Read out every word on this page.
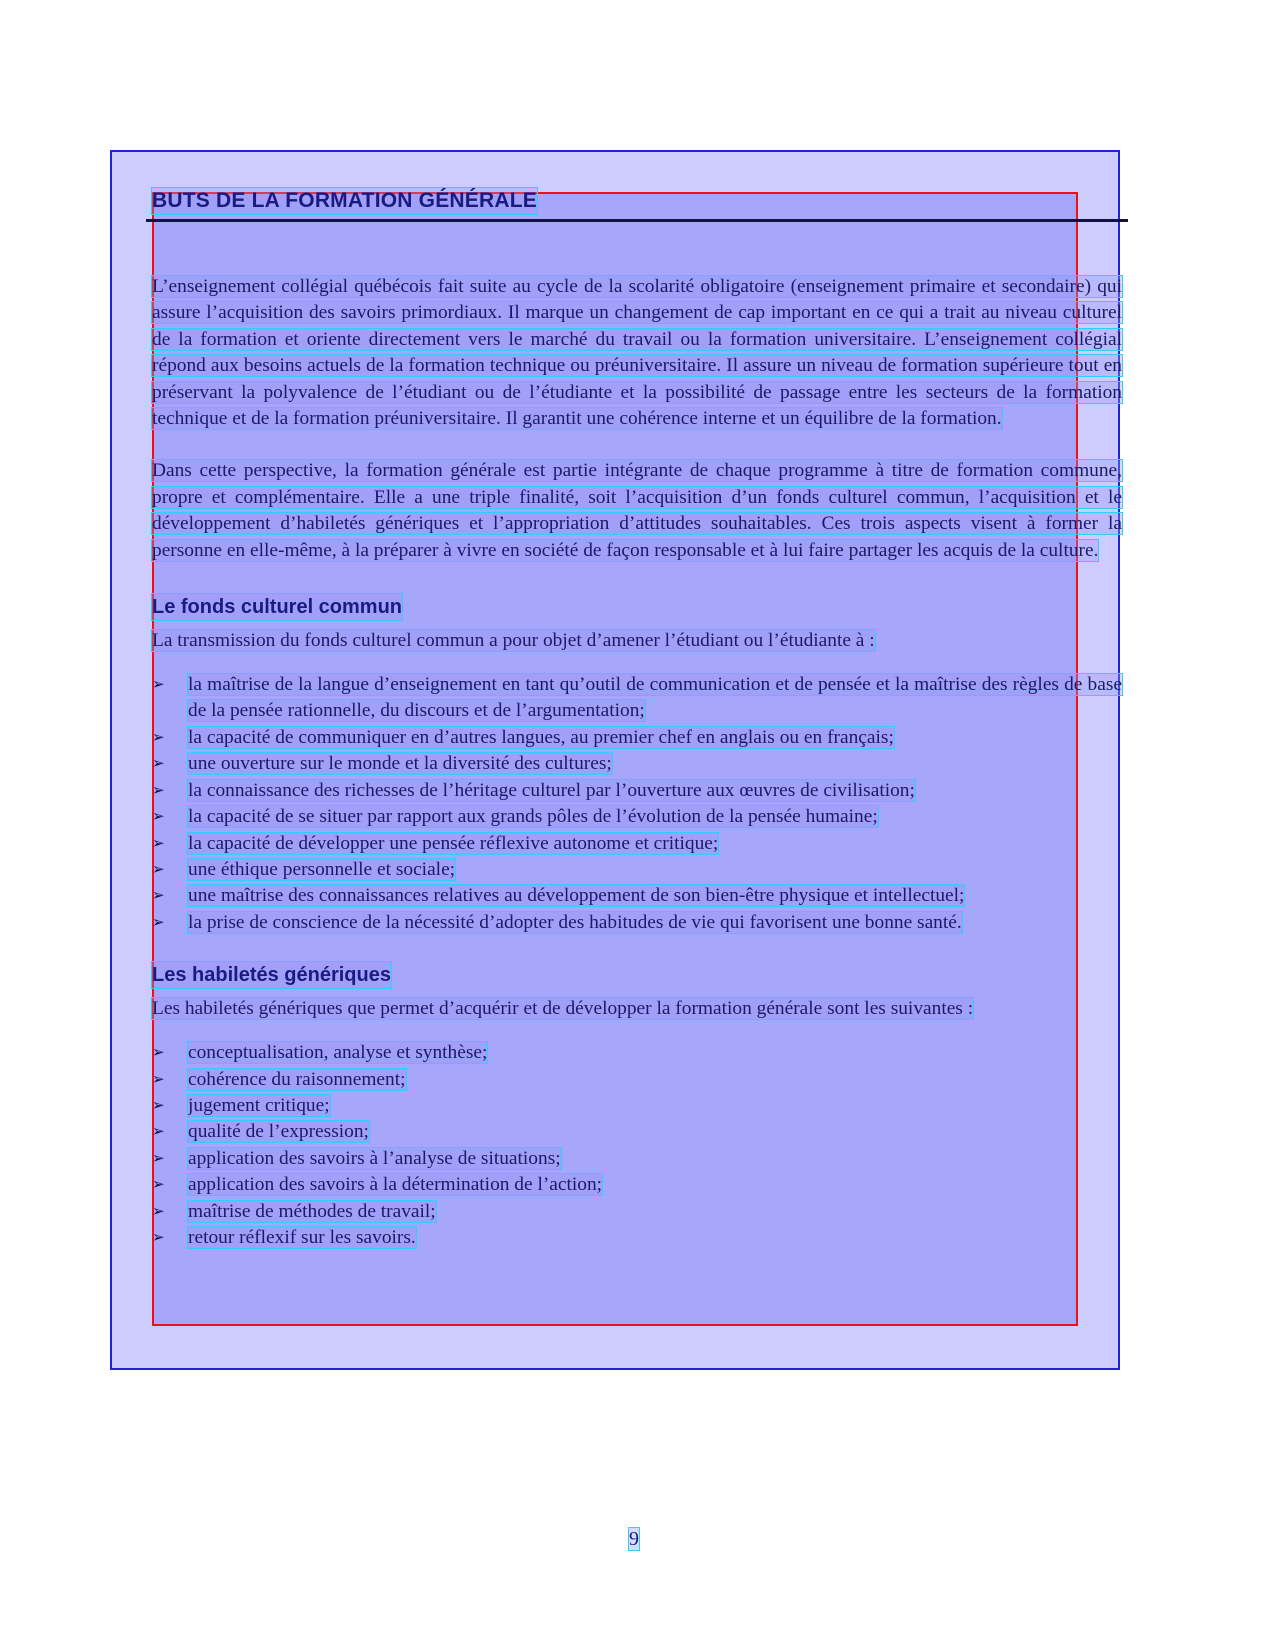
BUTS DE LA FORMATION GÉNÉRALE

L’enseignement collégial québécois fait suite au cycle de la scolarité obligatoire (enseignement primaire et secondaire) qui assure l’acquisition des savoirs primordiaux. Il marque un changement de cap important en ce qui a trait au niveau culturel de la formation et oriente directement vers le marché du travail ou la formation universitaire. L’enseignement collégial répond aux besoins actuels de la formation technique ou préuniversitaire. Il assure un niveau de formation supérieure tout en préservant la polyvalence de l’étudiant ou de l’étudiante et la possibilité de passage entre les secteurs de la formation technique et de la formation préuniversitaire. Il garantit une cohérence interne et un équilibre de la formation.

Dans cette perspective, la formation générale est partie intégrante de chaque programme à titre de formation commune, propre et complémentaire. Elle a une triple finalité, soit l’acquisition d’un fonds culturel commun, l’acquisition et le développement d’habiletés génériques et l’appropriation d’attitudes souhaitables. Ces trois aspects visent à former la personne en elle-même, à la préparer à vivre en société de façon responsable et à lui faire partager les acquis de la culture.

Le fonds culturel commun

La transmission du fonds culturel commun a pour objet d’amener l’étudiant ou l’étudiante à :

➢ la maîtrise de la langue d’enseignement en tant qu’outil de communication et de pensée et la maîtrise des règles de base de la pensée rationnelle, du discours et de l’argumentation;
➢ la capacité de communiquer en d’autres langues, au premier chef en anglais ou en français;
➢ une ouverture sur le monde et la diversité des cultures;
➢ la connaissance des richesses de l’héritage culturel par l’ouverture aux œuvres de civilisation;
➢ la capacité de se situer par rapport aux grands pôles de l’évolution de la pensée humaine;
➢ la capacité de développer une pensée réflexive autonome et critique;
➢ une éthique personnelle et sociale;
➢ une maîtrise des connaissances relatives au développement de son bien-être physique et intellectuel;
➢ la prise de conscience de la nécessité d’adopter des habitudes de vie qui favorisent une bonne santé.
Les habiletés génériques

Les habiletés génériques que permet d’acquérir et de développer la formation générale sont les suivantes :

➢ conceptualisation, analyse et synthèse;
➢ cohérence du raisonnement;
➢ jugement critique;
➢ qualité de l’expression;
➢ application des savoirs à l’analyse de situations;
➢ application des savoirs à la détermination de l’action;
➢ maîtrise de méthodes de travail;
➢ retour réflexif sur les savoirs.
9
